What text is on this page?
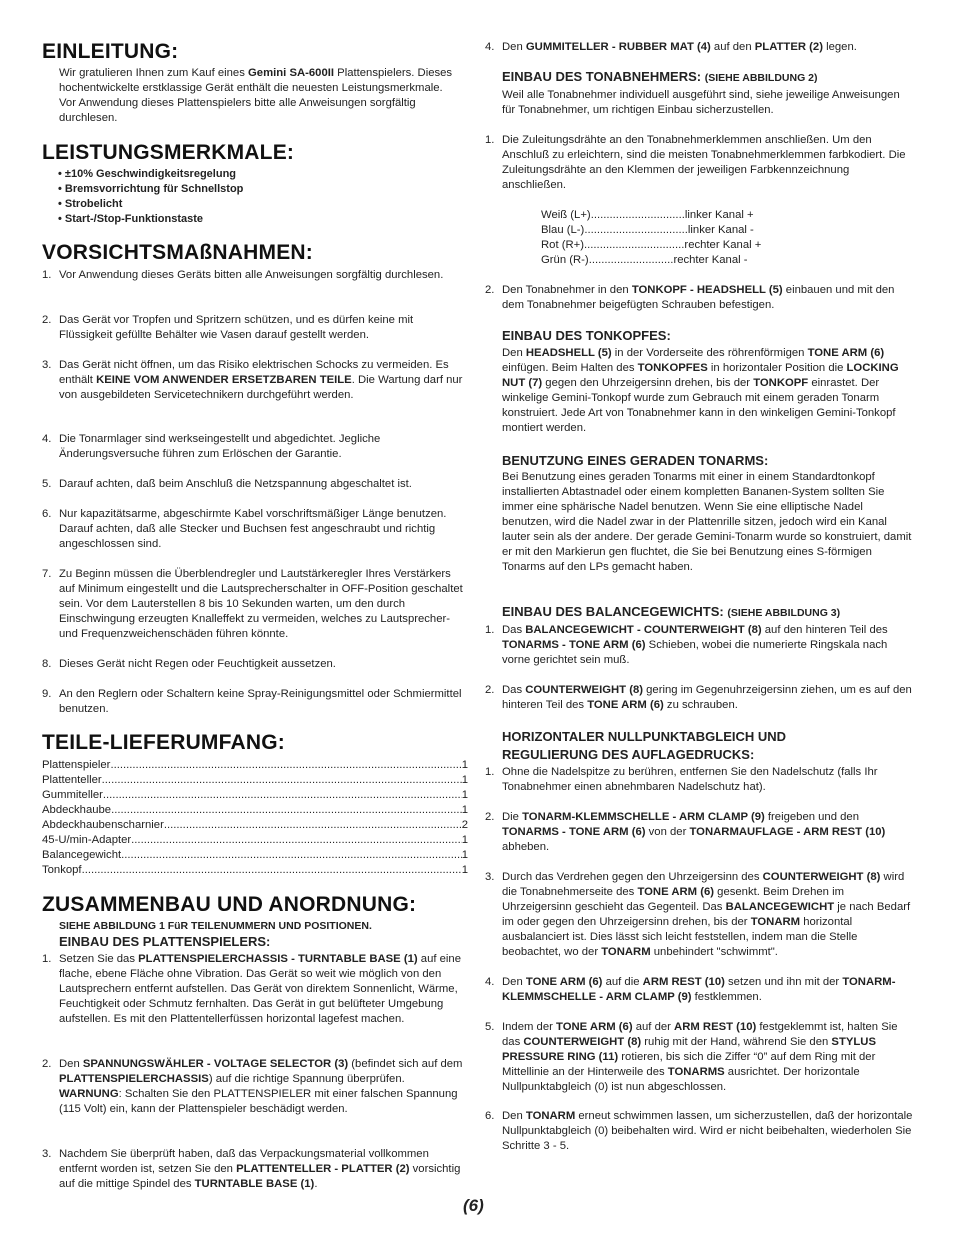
EINLEITUNG:
Wir gratulieren Ihnen zum Kauf eines Gemini SA-600II Plattenspielers. Dieses hochentwickelte erstklassige Gerät enthält die neuesten Leistungsmerkmale. Vor Anwendung dieses Plattenspielers bitte alle Anweisungen sorgfältig durchlesen.
LEISTUNGSMERKMALE:
• ±10% Geschwindigkeitsregelung
• Bremsvorrichtung für Schnellstop
• Strobelicht
• Start-/Stop-Funktionstaste
VORSICHTSMAßNAHMEN:
1. Vor Anwendung dieses Geräts bitten alle Anweisungen sorgfältig durchlesen.
2. Das Gerät vor Tropfen und Spritzern schützen, und es dürfen keine mit Flüssigkeit gefüllte Behälter wie Vasen darauf gestellt werden.
3. Das Gerät nicht öffnen, um das Risiko elektrischen Schocks zu vermeiden. Es enthält KEINE VOM ANWENDER ERSETZBAREN TEILE. Die Wartung darf nur von ausgebildeten Servicetechnikern durchgeführt werden.
4. Die Tonarmlager sind werkseingestellt und abgedichtet. Jegliche Änderungsversuche führen zum Erlöschen der Garantie.
5. Darauf achten, daß beim Anschluß die Netzspannung abgeschaltet ist.
6. Nur kapazitätsarme, abgeschirmte Kabel vorschriftsmäßiger Länge benutzen. Darauf achten, daß alle Stecker und Buchsen fest angeschraubt und richtig angeschlossen sind.
7. Zu Beginn müssen die Überblendregler und Lautstärkeregler Ihres Verstärkers auf Minimum eingestellt und die Lautsprecherschalter in OFF-Position geschaltet sein. Vor dem Lauterstellen 8 bis 10 Sekunden warten, um den durch Einschwingung erzeugten Knalleffekt zu vermeiden, welches zu Lautsprecher- und Frequenzweichenschäden führen könnte.
8. Dieses Gerät nicht Regen oder Feuchtigkeit aussetzen.
9. An den Reglern oder Schaltern keine Spray-Reinigungsmittel oder Schmiermittel benutzen.
TEILE-LIEFERUMFANG:
Plattenspieler .....	1
Plattenteller .....	1
Gummiteller .....	1
Abdeckhaube .....	1
Abdeckhaubenscharnier .....	2
45-U/min-Adapter .....	1
Balancegewicht .....	1
Tonkopf .....	1
ZUSAMMENBAU UND ANORDNUNG:
SIEHE ABBILDUNG 1 FüR TEILENUMMERN UND POSITIONEN.
EINBAU DES PLATTENSPIELERS:
1. Setzen Sie das PLATTENSPIELERCHASSIS - TURNTABLE BASE (1) auf eine flache, ebene Fläche ohne Vibration. Das Gerät so weit wie möglich von den Lautsprechern entfernt aufstellen. Das Gerät von direktem Sonnenlicht, Wärme, Feuchtigkeit oder Schmutz fernhalten. Das Gerät in gut belüfteter Umgebung aufstellen. Es mit den Plattentellerfüssen horizontal lagefest machen.
2. Den SPANNUNGSWÄHLER - VOLTAGE SELECTOR (3) (befindet sich auf dem PLATTENSPIELERCHASSIS) auf die richtige Spannung überprüfen. WARNUNG: Schalten Sie den PLATTENSPIELER mit einer falschen Spannung (115 Volt) ein, kann der Plattenspieler beschädigt werden.
3. Nachdem Sie überprüft haben, daß das Verpackungsmaterial vollkommen entfernt worden ist, setzen Sie den PLATTENTELLER - PLATTER (2) vorsichtig auf die mittige Spindel des TURNTABLE BASE (1).
4. Den GUMMITELLER - RUBBER MAT (4) auf den PLATTER (2) legen.
EINBAU DES TONABNEHMERS: (SIEHE ABBILDUNG 2)
Weil alle Tonabnehmer individuell ausgeführt sind, siehe jeweilige Anweisungen für Tonabnehmer, um richtigen Einbau sicherzustellen.
1. Die Zuleitungsdrähte an den Tonabnehmerklemmen anschließen. Um den Anschluß zu erleichtern, sind die meisten Tonabnehmerklemmen farbkodiert. Die Zuleitungsdrähte an den Klemmen der jeweiligen Farbkennzeichnung anschließen.
2. Den Tonabnehmer in den TONKOPF - HEADSHELL (5) einbauen und mit den dem Tonabnehmer beigefügten Schrauben befestigen.
Weiß (L+)..............................linker Kanal +
Blau (L-).................................linker Kanal -
Rot (R+)................................rechter Kanal +
Grün (R-)...........................rechter Kanal -
EINBAU DES TONKOPFES:
Den HEADSHELL (5) in der Vorderseite des röhrenförmigen TONE ARM (6) einfügen. Beim Halten des TONKOPFES in horizontaler Position die LOCKING NUT (7) gegen den Uhrzeigersinn drehen, bis der TONKOPF einrastet. Der winkelige Gemini-Tonkopf wurde zum Gebrauch mit einem geraden Tonarm konstruiert. Jede Art von Tonabnehmer kann in den winkeligen Gemini-Tonkopf montiert werden.
BENUTZUNG EINES GERADEN TONARMS:
Bei Benutzung eines geraden Tonarms mit einer in einem Standardtonkopf installierten Abtastnadel oder einem kompletten Bananen-System sollten Sie immer eine sphärische Nadel benutzen. Wenn Sie eine elliptische Nadel benutzen, wird die Nadel zwar in der Plattenrille sitzen, jedoch wird ein Kanal lauter sein als der andere. Der gerade Gemini-Tonarm wurde so konstruiert, damit er mit den Markierun gen fluchtet, die Sie bei Benutzung eines S-förmigen Tonarms auf den LPs gemacht haben.
EINBAU DES BALANCEGEWICHTS: (SIEHE ABBILDUNG 3)
1. Das BALANCEGEWICHT - COUNTERWEIGHT (8) auf den hinteren Teil des TONARMS - TONE ARM (6) Schieben, wobei die numerierte Ringskala nach vorne gerichtet sein muß.
2. Das COUNTERWEIGHT (8) gering im Gegenuhrzeigersinn ziehen, um es auf den hinteren Teil des TONE ARM (6) zu schrauben.
HORIZONTALER NULLPUNKTABGLEICH UND
REGULIERUNG DES AUFLAGEDRUCKS:
1. Ohne die Nadelspitze zu berühren, entfernen Sie den Nadelschutz (falls Ihr Tonabnehmer einen abnehmbaren Nadelschutz hat).
2. Die TONARM-KLEMMSCHELLE - ARM CLAMP (9) freigeben und den TONARMS - TONE ARM (6) von der TONARMAUFLAGE - ARM REST (10) abheben.
3. Durch das Verdrehen gegen den Uhrzeigersinn des COUNTERWEIGHT (8) wird die Tonabnehmerseite des TONE ARM (6) gesenkt. Beim Drehen im Uhrzeigersinn geschieht das Gegenteil. Das BALANCEGEWICHT je nach Bedarf im oder gegen den Uhrzeigersinn drehen, bis der TONARM horizontal ausbalanciert ist. Dies lässt sich leicht feststellen, indem man die Stelle beobachtet, wo der TONARM unbehindert "schwimmt".
4. Den TONE ARM (6) auf die ARM REST (10) setzen und ihn mit der TONARM-KLEMMSCHELLE - ARM CLAMP (9) festklemmen.
5. Indem der TONE ARM (6) auf der ARM REST (10) festgeklemmt ist, halten Sie das COUNTERWEIGHT (8) ruhig mit der Hand, während Sie den STYLUS PRESSURE RING (11) rotieren, bis sich die Ziffer “0” auf dem Ring mit der Mittellinie an der Hinterweile des TONARMS ausrichtet. Der horizontale Nullpunktabgleich (0) ist nun abgeschlossen.
6. Den TONARM erneut schwimmen lassen, um sicherzustellen, daß der horizontale Nullpunktabgleich (0) beibehalten wird. Wird er nicht beibehalten, wiederholen Sie Schritte 3 - 5.
(6)
